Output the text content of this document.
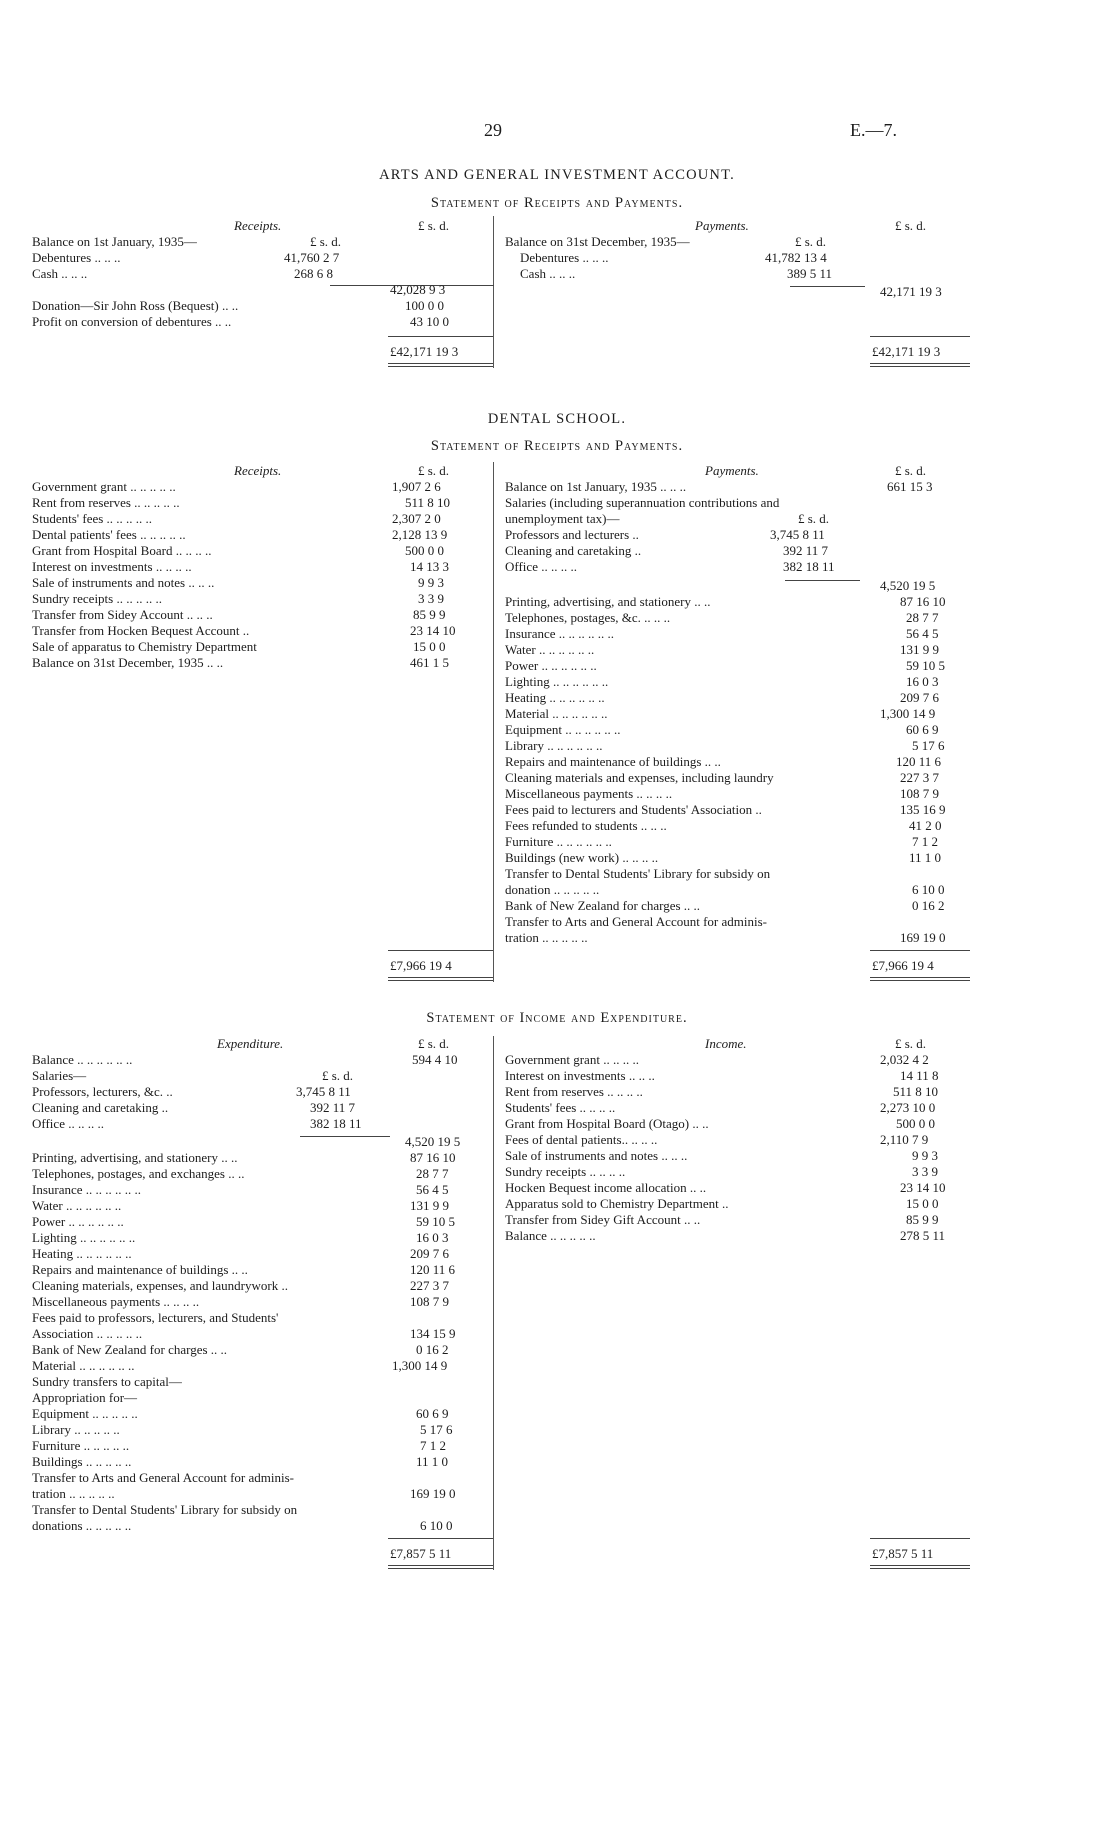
29	E.—7.
ARTS AND GENERAL INVESTMENT ACCOUNT.
Statement of Receipts and Payments.
Receipts.	£ s. d.	Payments.	£ s. d.
Balance on 1st January, 1935—	£ s. d.
Debentures .. .. ..	41,760 2 7
Cash .. .. ..	268 6 8
42,028 9 3
Donation—Sir John Ross (Bequest) .. ..	100 0 0
Profit on conversion of debentures .. ..	43 10 0
£42,171 19 3
Balance on 31st December, 1935—	£ s. d.
Debentures .. .. ..	41,782 13 4
Cash .. .. ..	389 5 11
42,171 19 3
£42,171 19 3
DENTAL SCHOOL.
Statement of Receipts and Payments.
Receipts.	£ s. d.	Payments.	£ s. d.
Government grant .. .. .. .. ..	1,907 2 6
Rent from reserves .. .. .. .. ..	511 8 10
Students' fees .. .. .. .. ..	2,307 2 0
Dental patients' fees .. .. .. .. ..	2,128 13 9
Grant from Hospital Board .. .. .. ..	500 0 0
Interest on investments .. .. .. ..	14 13 3
Sale of instruments and notes .. .. ..	9 9 3
Sundry receipts .. .. .. .. ..	3 3 9
Transfer from Sidey Account .. .. ..	85 9 9
Transfer from Hocken Bequest Account ..	23 14 10
Sale of apparatus to Chemistry Department	15 0 0
Balance on 31st December, 1935 .. ..	461 1 5
£7,966 19 4
Balance on 1st January, 1935 .. .. ..	661 15 3
Salaries (including superannuation contributions and
unemployment tax)—	£ s. d.
Professors and lecturers ..	3,745 8 11
Cleaning and caretaking ..	392 11 7
Office .. .. .. ..	382 18 11
4,520 19 5
Printing, advertising, and stationery .. ..	87 16 10
Telephones, postages, &c. .. .. ..	28 7 7
Insurance .. .. .. .. .. ..	56 4 5
Water .. .. .. .. .. ..	131 9 9
Power .. .. .. .. .. ..	59 10 5
Lighting .. .. .. .. .. ..	16 0 3
Heating .. .. .. .. .. ..	209 7 6
Material .. .. .. .. .. ..	1,300 14 9
Equipment .. .. .. .. .. ..	60 6 9
Library .. .. .. .. .. ..	5 17 6
Repairs and maintenance of buildings .. ..	120 11 6
Cleaning materials and expenses, including laundry	227 3 7
Miscellaneous payments .. .. .. ..	108 7 9
Fees paid to lecturers and Students' Association ..	135 16 9
Fees refunded to students .. .. ..	41 2 0
Furniture .. .. .. .. .. ..	7 1 2
Buildings (new work) .. .. .. ..	11 1 0
Transfer to Dental Students' Library for subsidy on
donation .. .. .. .. ..	6 10 0
Bank of New Zealand for charges .. ..	0 16 2
Transfer to Arts and General Account for adminis-
tration .. .. .. .. ..	169 19 0
£7,966 19 4
Statement of Income and Expenditure.
Expenditure.	£ s. d.	Income.	£ s. d.
Balance .. .. .. .. .. ..	594 4 10
Salaries—	£ s. d.
Professors, lecturers, &c. ..	3,745 8 11
Cleaning and caretaking ..	392 11 7
Office .. .. .. ..	382 18 11
4,520 19 5
Printing, advertising, and stationery .. ..	87 16 10
Telephones, postages, and exchanges .. ..	28 7 7
Insurance .. .. .. .. .. ..	56 4 5
Water .. .. .. .. .. ..	131 9 9
Power .. .. .. .. .. ..	59 10 5
Lighting .. .. .. .. .. ..	16 0 3
Heating .. .. .. .. .. ..	209 7 6
Repairs and maintenance of buildings .. ..	120 11 6
Cleaning materials, expenses, and laundrywork ..	227 3 7
Miscellaneous payments .. .. .. ..	108 7 9
Fees paid to professors, lecturers, and Students'
Association .. .. .. .. ..	134 15 9
Bank of New Zealand for charges .. ..	0 16 2
Material .. .. .. .. .. ..	1,300 14 9
Sundry transfers to capital—
Appropriation for—
Equipment .. .. .. .. ..	60 6 9
Library .. .. .. .. ..	5 17 6
Furniture .. .. .. .. ..	7 1 2
Buildings .. .. .. .. ..	11 1 0
Transfer to Arts and General Account for adminis-
tration .. .. .. .. ..	169 19 0
Transfer to Dental Students' Library for subsidy on
donations .. .. .. .. ..	6 10 0
£7,857 5 11
Government grant .. .. .. ..	2,032 4 2
Interest on investments .. .. ..	14 11 8
Rent from reserves .. .. .. ..	511 8 10
Students' fees .. .. .. ..	2,273 10 0
Grant from Hospital Board (Otago) .. ..	500 0 0
Fees of dental patients.. .. .. ..	2,110 7 9
Sale of instruments and notes .. .. ..	9 9 3
Sundry receipts .. .. .. ..	3 3 9
Hocken Bequest income allocation .. ..	23 14 10
Apparatus sold to Chemistry Department ..	15 0 0
Transfer from Sidey Gift Account .. ..	85 9 9
Balance .. .. .. .. ..	278 5 11
£7,857 5 11
